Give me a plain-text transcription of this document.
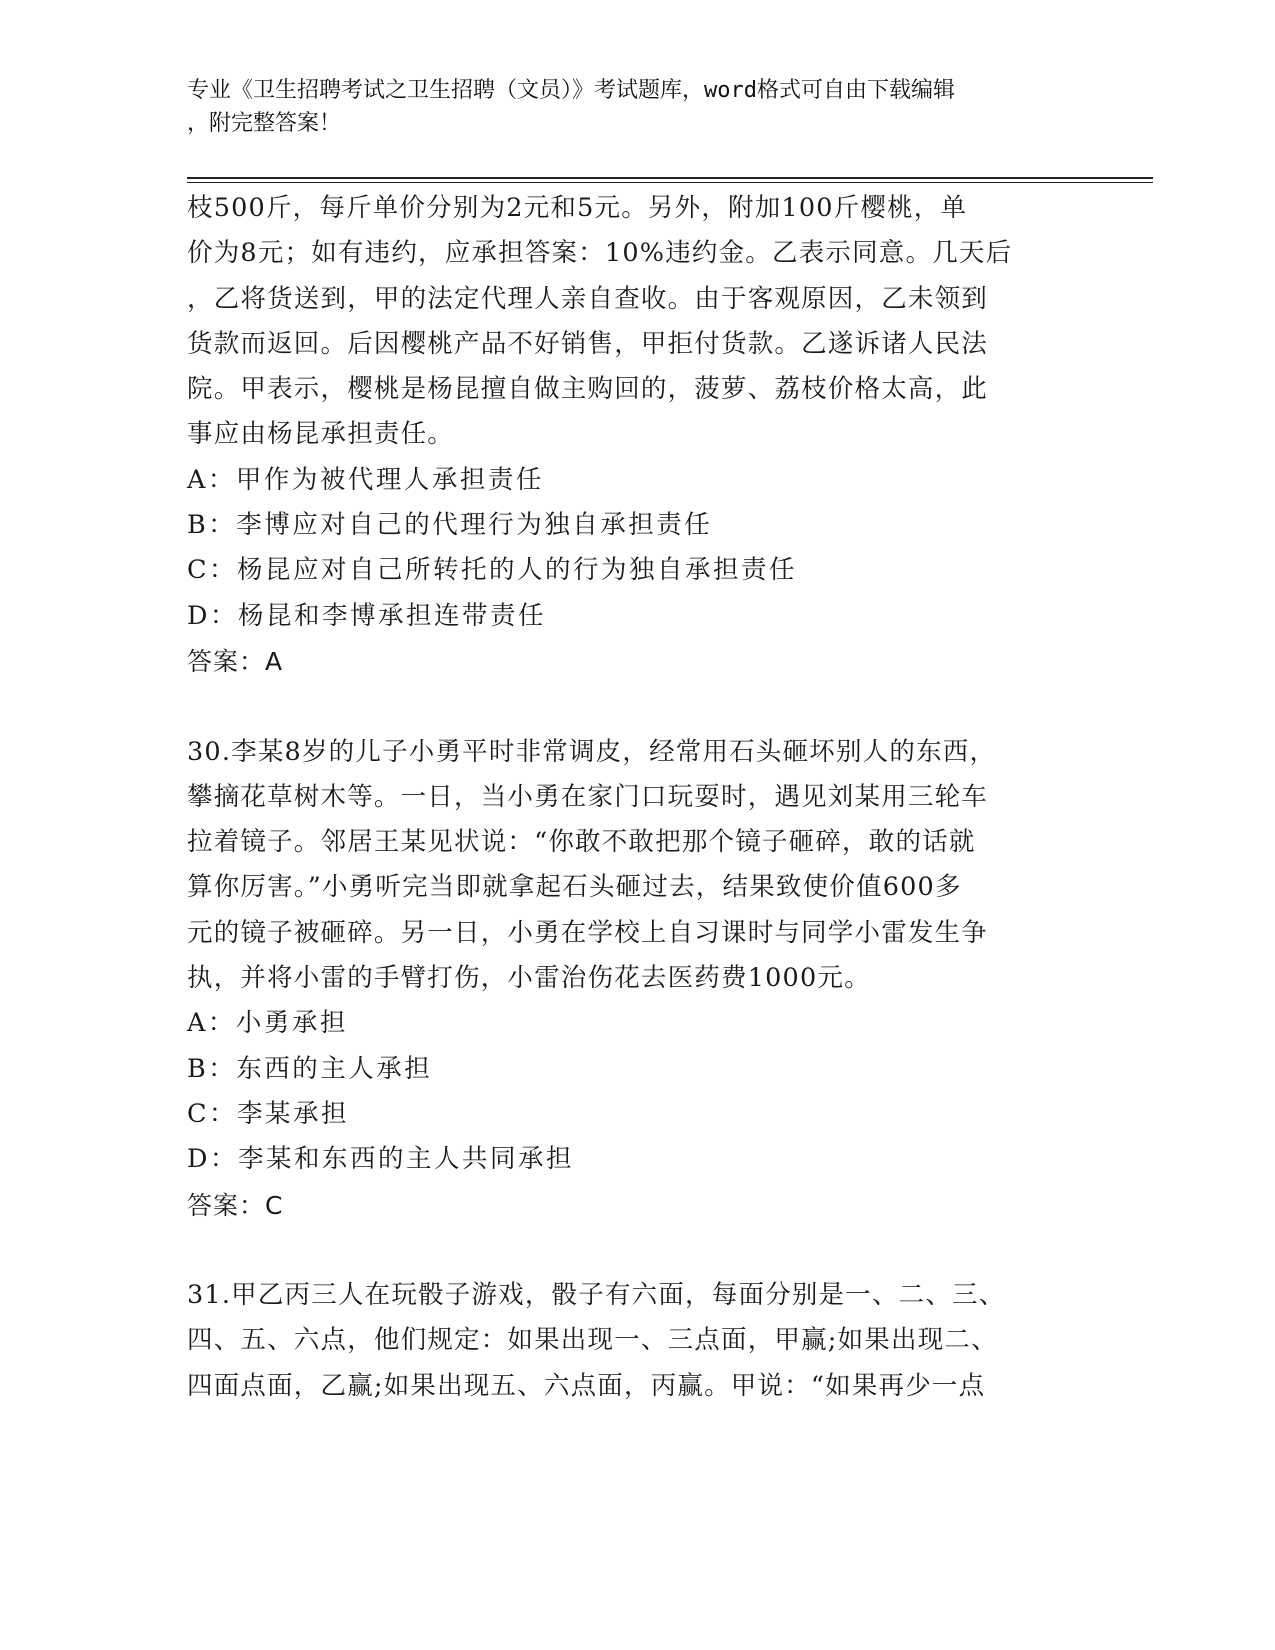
专业《卫生招聘考试之卫生招聘（文员）》考试题库，word格式可自由下载编辑
，附完整答案！

枝500斤，每斤单价分别为2元和5元。另外，附加100斤樱桃，单

价为8元；如有违约，应承担答案：10%违约金。乙表示同意。几天后

，乙将货送到，甲的法定代理人亲自查收。由于客观原因，乙未领到

货款而返回。后因樱桃产品不好销售，甲拒付货款。乙遂诉诸人民法

院。甲表示，樱桃是杨昆擅自做主购回的，菠萝、荔枝价格太高，此

事应由杨昆承担责任。

A：甲作为被代理人承担责任

B：李博应对自己的代理行为独自承担责任

C：杨昆应对自己所转托的人的行为独自承担责任

D：杨昆和李博承担连带责任

答案：A

30.李某8岁的儿子小勇平时非常调皮，经常用石头砸坏别人的东西，

攀摘花草树木等。一日，当小勇在家门口玩耍时，遇见刘某用三轮车

拉着镜子。邻居王某见状说：“你敢不敢把那个镜子砸碎，敢的话就

算你厉害。”小勇听完当即就拿起石头砸过去，结果致使价值600多

元的镜子被砸碎。另一日，小勇在学校上自习课时与同学小雷发生争

执，并将小雷的手臂打伤，小雷治伤花去医药费1000元。

A：小勇承担

B：东西的主人承担

C：李某承担

D：李某和东西的主人共同承担

答案：C

31.甲乙丙三人在玩骰子游戏，骰子有六面，每面分别是一、二、三、

四、五、六点，他们规定：如果出现一、三点面，甲赢;如果出现二、

四面点面，乙赢;如果出现五、六点面，丙赢。甲说：“如果再少一点
